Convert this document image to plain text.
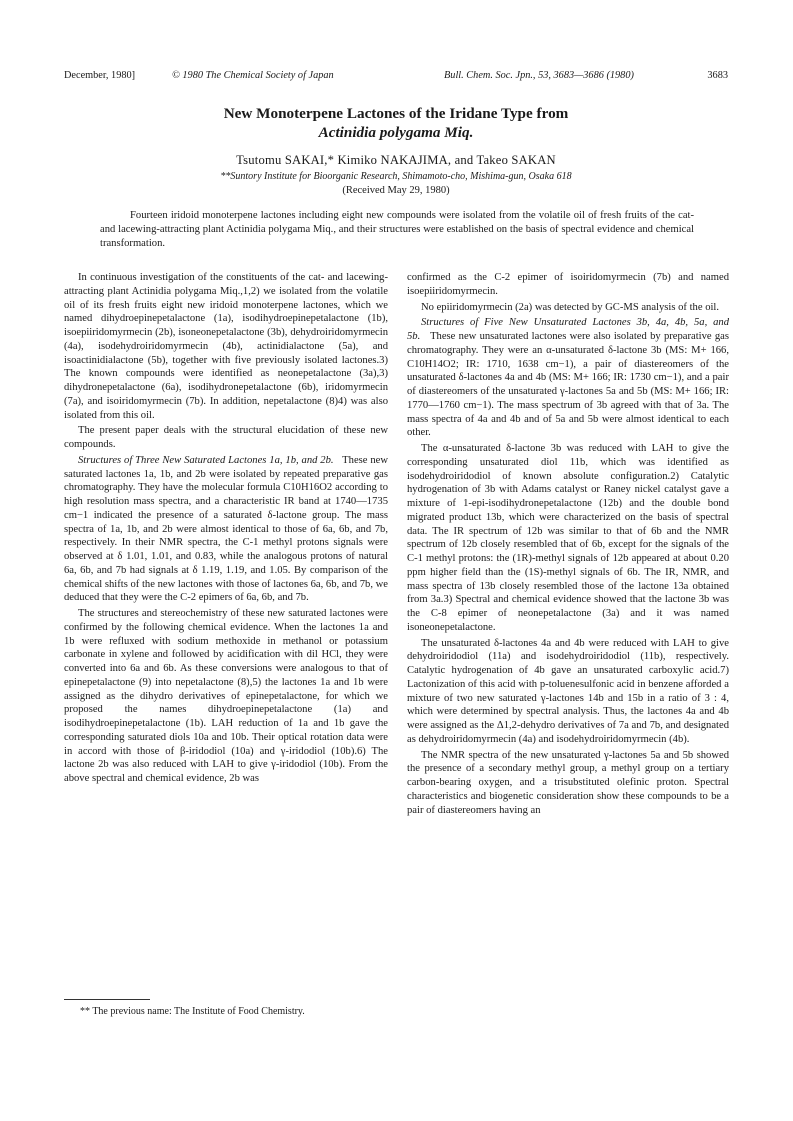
December, 1980]	© 1980 The Chemical Society of Japan	Bull. Chem. Soc. Jpn., 53, 3683—3686 (1980)	3683

New Monoterpene Lactones of the Iridane Type from
Actinidia polygama Miq.

Tsutomu SAKAI,* Kimiko NAKAJIMA, and Takeo SAKAN
**Suntory Institute for Bioorganic Research, Shimamoto-cho, Mishima-gun, Osaka 618
(Received May 29, 1980)
Fourteen iridoid monoterpene lactones including eight new compounds were isolated from the volatile oil of fresh fruits of the cat- and lacewing-attracting plant Actinidia polygama Miq., and their structures were established on the basis of spectral evidence and chemical transformation.

In continuous investigation of the constituents of the cat- and lacewing-attracting plant Actinidia polygama Miq.,1,2) we isolated from the volatile oil of its fresh fruits eight new iridoid monoterpene lactones, which we named dihydroepinepetalactone (1a), isodihydroepinepetalactone (1b), isoepiiridomyrmecin (2b), isoneonepetalactone (3b), dehydroiridomyrmecin (4a), isodehydroiridomyrmecin (4b), actinidialactone (5a), and isoactinidialactone (5b), together with five previously isolated lactones.3) The known compounds were identified as neonepetalactone (3a),3) dihydronepetalactone (6a), isodihydronepetalactone (6b), iridomyrmecin (7a), and isoiridomyrmecin (7b). In addition, nepetalactone (8)4) was also isolated from this oil.

The present paper deals with the structural elucidation of these new compounds.

Structures of Three New Saturated Lactones 1a, 1b, and 2b. These new saturated lactones 1a, 1b, and 2b were isolated by repeated preparative gas chromatography. They have the molecular formula C10H16O2 according to high resolution mass spectra, and a characteristic IR band at 1740—1735 cm−1 indicated the presence of a saturated δ-lactone group. The mass spectra of 1a, 1b, and 2b were almost identical to those of 6a, 6b, and 7b, respectively. In their NMR spectra, the C-1 methyl protons signals were observed at δ 1.01, 1.01, and 0.83, while the analogous protons of natural 6a, 6b, and 7b had signals at δ 1.19, 1.19, and 1.05. By comparison of the chemical shifts of the new lactones with those of lactones 6a, 6b, and 7b, we deduced that they were the C-2 epimers of 6a, 6b, and 7b.

The structures and stereochemistry of these new saturated lactones were confirmed by the following chemical evidence. When the lactones 1a and 1b were refluxed with sodium methoxide in methanol or potassium carbonate in xylene and followed by acidification with dil HCl, they were converted into 6a and 6b. As these conversions were analogous to that of epinepetalactone (9) into nepetalactone (8),5) the lactones 1a and 1b were assigned as the dihydro derivatives of epinepetalactone, for which we proposed the names dihydroepinepetalactone (1a) and isodihydroepinepetalactone (1b). LAH reduction of 1a and 1b gave the corresponding saturated diols 10a and 10b. Their optical rotation data were in accord with those of β-iridodiol (10a) and γ-iridodiol (10b).6) The lactone 2b was also reduced with LAH to give γ-iridodiol (10b). From the above spectral and chemical evidence, 2b was

confirmed as the C-2 epimer of isoiridomyrmecin (7b) and named isoepiiridomyrmecin.

No epiiridomyrmecin (2a) was detected by GC-MS analysis of the oil.

Structures of Five New Unsaturated Lactones 3b, 4a, 4b, 5a, and 5b. These new unsaturated lactones were also isolated by preparative gas chromatography. They were an α-unsaturated δ-lactone 3b (MS: M+ 166, C10H14O2; IR: 1710, 1638 cm−1), a pair of diastereomers of the unsaturated δ-lactones 4a and 4b (MS: M+ 166; IR: 1730 cm−1), and a pair of diastereomers of the unsaturated γ-lactones 5a and 5b (MS: M+ 166; IR: 1770—1760 cm−1). The mass spectrum of 3b agreed with that of 3a. The mass spectra of 4a and 4b and of 5a and 5b were almost identical to each other.

The α-unsaturated δ-lactone 3b was reduced with LAH to give the corresponding unsaturated diol 11b, which was identified as isodehydroiridodiol of known absolute configuration.2) Catalytic hydrogenation of 3b with Adams catalyst or Raney nickel catalyst gave a mixture of 1-epi-isodihydronepetalactone (12b) and the double bond migrated product 13b, which were characterized on the basis of spectral data. The IR spectrum of 12b was similar to that of 6b and the NMR spectrum of 12b closely resembled that of 6b, except for the signals of the C-1 methyl protons: the (1R)-methyl signals of 12b appeared at about 0.20 ppm higher field than the (1S)-methyl signals of 6b. The IR, NMR, and mass spectra of 13b closely resembled those of the lactone 13a obtained from 3a.3) Spectral and chemical evidence showed that the lactone 3b was the C-8 epimer of neonepetalactone (3a) and it was named isoneonepetalactone.

The unsaturated δ-lactones 4a and 4b were reduced with LAH to give dehydroiridodiol (11a) and isodehydroiridodiol (11b), respectively. Catalytic hydrogenation of 4b gave an unsaturated carboxylic acid.7) Lactonization of this acid with p-toluenesulfonic acid in benzene afforded a mixture of two new saturated γ-lactones 14b and 15b in a ratio of 3 : 4, which were determined by spectral analysis. Thus, the lactones 4a and 4b were assigned as the Δ1,2-dehydro derivatives of 7a and 7b, and designated as dehydroiridomyrmecin (4a) and isodehydroiridomyrmecin (4b).

The NMR spectra of the new unsaturated γ-lactones 5a and 5b showed the presence of a secondary methyl group, a methyl group on a tertiary carbon-bearing oxygen, and a trisubstituted olefinic proton. Spectral characteristics and biogenetic consideration show these compounds to be a pair of diastereomers having an

** The previous name: The Institute of Food Chemistry.
